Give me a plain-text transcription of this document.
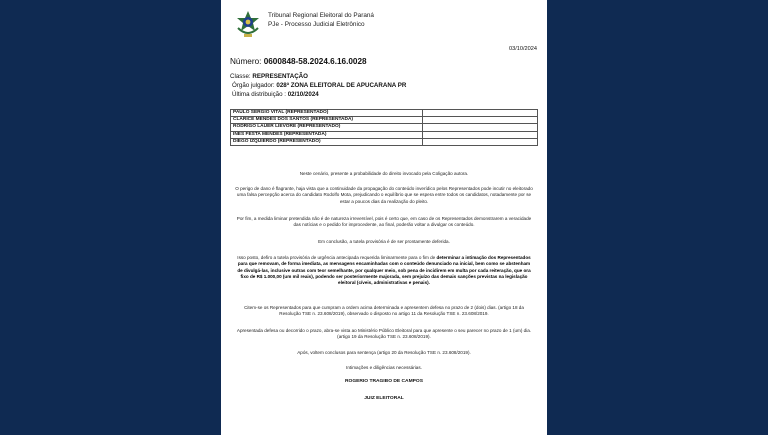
Tribunal Regional Eleitoral do Paraná
PJe - Processo Judicial Eletrônico
03/10/2024
Número: 0600848-58.2024.6.16.0028
Classe: REPRESENTAÇÃO
Órgão julgador: 028ª ZONA ELEITORAL DE APUCARANA PR
Última distribuição : 02/10/2024
PAULO SERGIO VITAL (REPRESENTADO)	
CLARICE MENDES DOS SANTOS (REPRESENTADA)	
RODRIGO LAUER LIEVORE (REPRESENTADO)	
INES FESTA MENDES (REPRESENTADA)	
DIEGO IZQUIERDO (REPRESENTADO)	
Neste cenário, presente a probabilidade do direito invocado pela Coligação autora.
O perigo de dano é flagrante, haja vista que a continuidade da propagação do conteúdo inverídico pelos Representados pode incutir no eleitorado uma falsa percepção acerca do candidato Rodolfo Mota, prejudicando o equilíbrio que se espera entre todos os candidatos, notadamente por se estar a poucos dias da realização do pleito.
Por fim, a medida liminar pretendida não é de natureza irreversível, pois é certo que, em caso de os Representados demonstrarem a veracidade das notícias e o pedido for improcedente, ao final, poderão voltar a divulgar os conteúdo.
Em conclusão, a tutela provisória é de ser prontamente deferida.
Isso posto, defiro a tutela provisória de urgência antecipada requerida liminarmente para o fim de determinar a intimação dos Representados para que removam, de forma imediata, as mensagens encaminhadas com o conteúdo denunciado na inicial, bem como se abstenham de divulgá-las, inclusive outras com teor semelhante, por qualquer meio, sob pena de incidirem em multa por cada reiteração, que ora fixo de R$ 1.000,00 (um mil reais), podendo ser posteriormente majorada, sem prejuízo das demais sanções previstas na legislação eleitoral (cíveis, administrativas e penais).
Citem-se os Representados para que cumpram a ordem acima determinada e apresentem defesa no prazo de 2 (dois) dias. (artigo 18 da Resolução TSE n. 23.608/2019), observado o disposto no artigo 11 da Resolução TSE n. 23.608/2019.
Apresentada defesa ou decorrido o prazo, abra-se vista ao Ministério Público Eleitoral para que apresente o seu parecer no prazo de 1 (um) dia. (artigo 19 da Resolução TSE n. 23.608/2019).
Após, voltem conclusos para sentença (artigo 20 da Resolução TSE n. 23.608/2019).
Intimações e diligências necessárias.
ROGERIO TRAGIBO DE CAMPOS
JUIZ ELEITORAL
